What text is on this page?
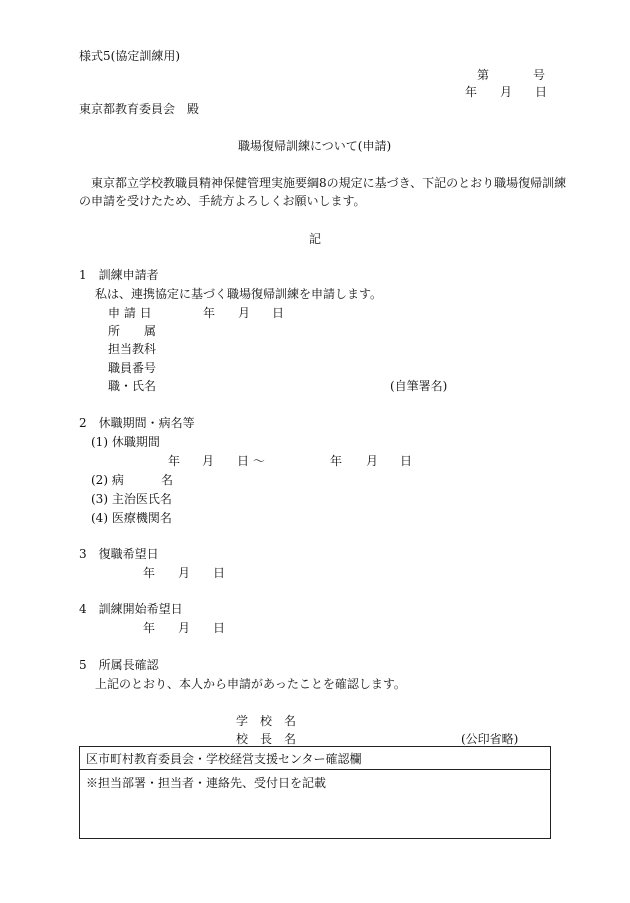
様式5(協定訓練用)
第	号
年 月 日
東京都教育委員会　殿
職場復帰訓練について(申請)
東京都立学校教職員精神保健管理実施要綱8の規定に基づき、下記のとおり職場復帰訓練
の申請を受けたため、手続方よろしくお願いします。
記
1　訓練申請者
私は、連携協定に基づく職場復帰訓練を申請します。
申 請 日	年 月 日
所　　属
担当教科
職員番号
職・氏名	(自筆署名)
2　休職期間・病名等
(1) 休職期間
年 月 日 〜	年 月 日
(2) 病	名
(3) 主治医氏名
(4) 医療機関名
3　復職希望日
年 月 日
4　訓練開始希望日
年 月 日
5　所属長確認
上記のとおり、本人から申請があったことを確認します。
学　校　名
校　長　名	(公印省略)
区市町村教育委員会・学校経営支援センター確認欄
※担当部署・担当者・連絡先、受付日を記載
